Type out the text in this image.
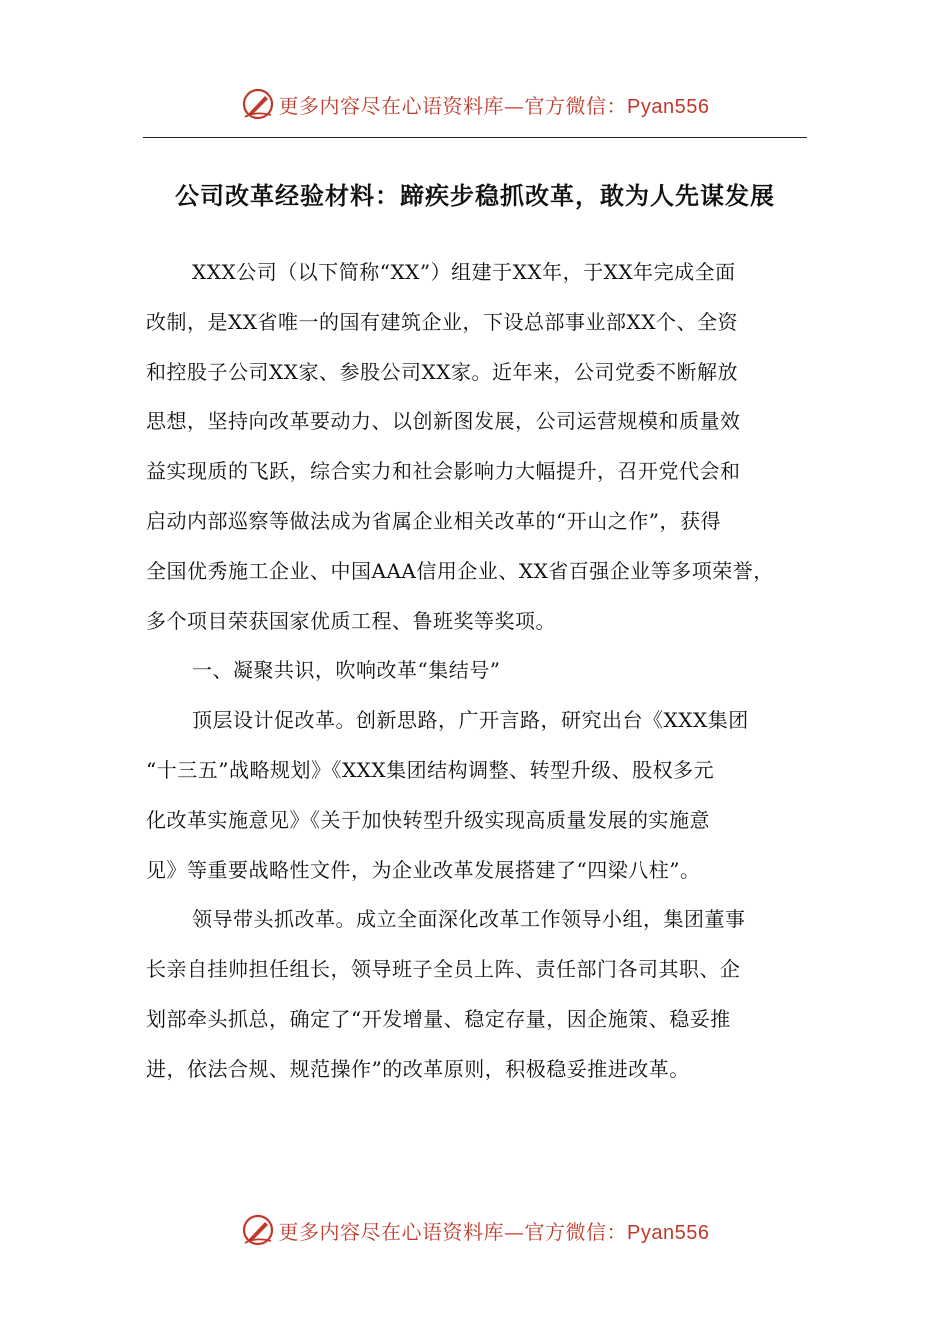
更多内容尽在心语资料库—官方微信：Pyan556
公司改革经验材料：蹄疾步稳抓改革，敢为人先谋发展
XXX公司（以下简称“XX”）组建于XX年，于XX年完成全面
改制，是XX省唯一的国有建筑企业，下设总部事业部XX个、全资
和控股子公司XX家、参股公司XX家。近年来，公司党委不断解放
思想，坚持向改革要动力、以创新图发展，公司运营规模和质量效
益实现质的飞跃，综合实力和社会影响力大幅提升，召开党代会和
启动内部巡察等做法成为省属企业相关改革的“开山之作”，获得
全国优秀施工企业、中国AAA信用企业、XX省百强企业等多项荣誉，
多个项目荣获国家优质工程、鲁班奖等奖项。
一、凝聚共识，吹响改革“集结号”
顶层设计促改革。创新思路，广开言路，研究出台《XXX集团
“十三五”战略规划》《XXX集团结构调整、转型升级、股权多元
化改革实施意见》《关于加快转型升级实现高质量发展的实施意
见》等重要战略性文件，为企业改革发展搭建了“四梁八柱”。
领导带头抓改革。成立全面深化改革工作领导小组，集团董事
长亲自挂帅担任组长，领导班子全员上阵、责任部门各司其职、企
划部牵头抓总，确定了“开发增量、稳定存量，因企施策、稳妥推
进，依法合规、规范操作”的改革原则，积极稳妥推进改革。
更多内容尽在心语资料库—官方微信：Pyan556
